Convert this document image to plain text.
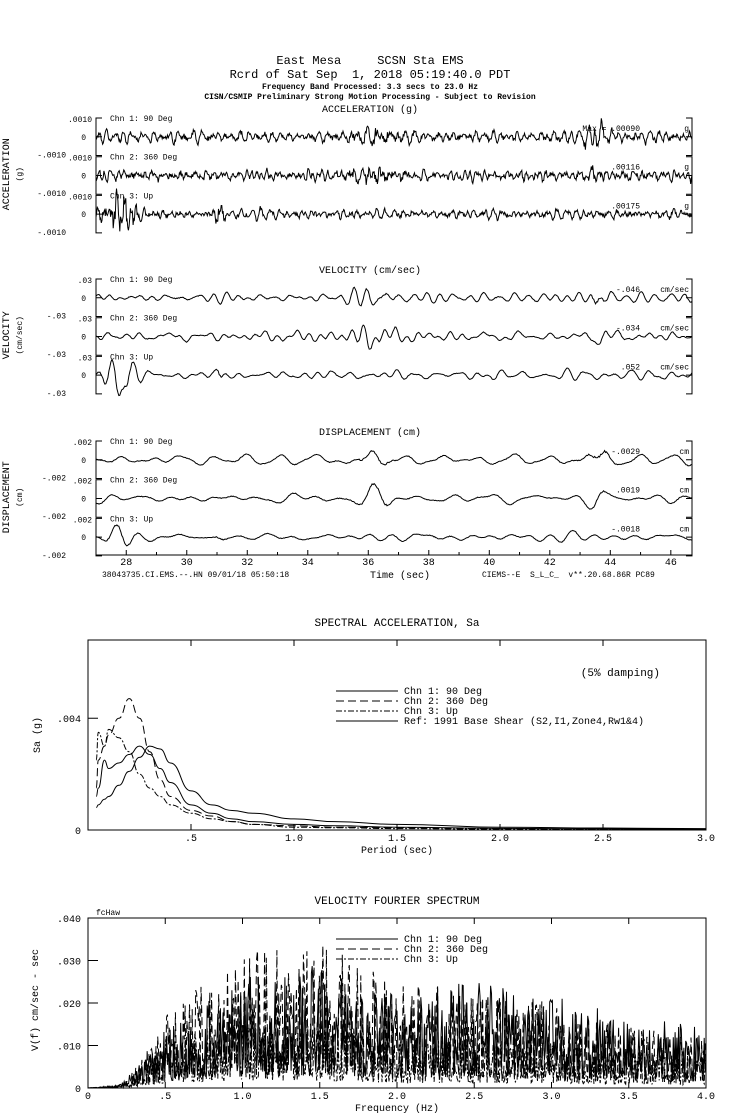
East Mesa     SCSN Sta EMS
Rcrd of Sat Sep  1, 2018 05:19:40.0 PDT
Frequency Band Processed: 3.3 secs to 23.0 Hz
CISN/CSMIP Preliminary Strong Motion Processing - Subject to Revision
38043735.CI.EMS.--.HN 09/01/18 05:50:18	CIEMS--E  S_L_C_  v**.20.68.86R PC89
ACCELERATION (g)
ACCELERATION (g)
.0010
0
-.0010
Chn 1: 90 Deg
Max = .00090	g
.0010
0
-.0010
Chn 2: 360 Deg
.00116	g
.0010
0
-.0010
Chn 3: Up
.00175	g
VELOCITY (cm/sec)
VELOCITY (cm/sec)
.03
0
-.03
Chn 1: 90 Deg
-.046	cm/sec
.03
0
-.03
Chn 2: 360 Deg
-.034	cm/sec
.03
0
-.03
Chn 3: Up
.052	cm/sec
DISPLACEMENT (cm)
DISPLACEMENT (cm)
.002
0
-.002
Chn 1: 90 Deg
-.0029	cm
.002
0
-.002
Chn 2: 360 Deg
.0019	cm
.002
0
-.002
Chn 3: Up
-.0018	cm
28	30	32	34	36	38	40	42	44	46
Time (sec)
SPECTRAL ACCELERATION, Sa
.5	1.0	1.5	2.0	2.5	3.0
0
.004
Period (sec)
Chn 1: 90 Deg
Chn 2: 360 Deg
Chn 3: Up
Ref: 1991 Base Shear (S2,I1,Zone4,Rw1&4)
(5% damping)
Sa (g)
VELOCITY FOURIER SPECTRUM
0	.5	1.0	1.5	2.0	2.5	3.0	3.5	4.0
0
.010
.020
.030
.040
Frequency (Hz)
Chn 1: 90 Deg
Chn 2: 360 Deg
Chn 3: Up
fcHaw
V(f) cm/sec - sec
